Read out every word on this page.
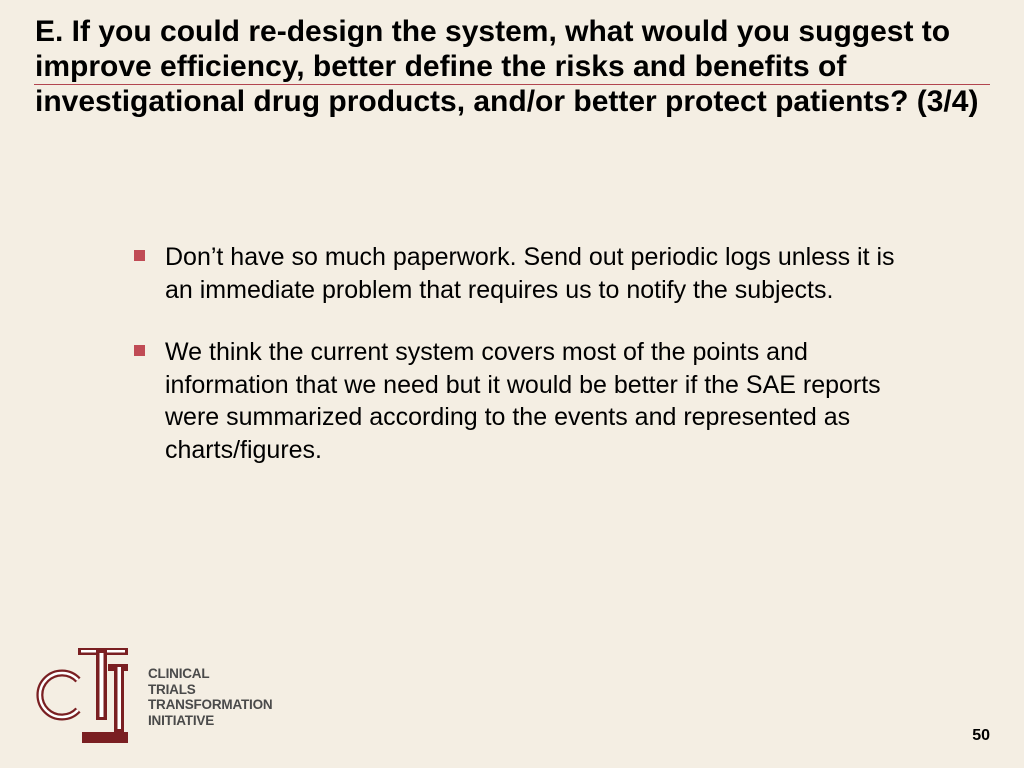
E. If you could re-design the system, what would you suggest to improve efficiency, better define the risks and benefits of investigational drug products, and/or better protect patients? (3/4)
Don’t have so much paperwork. Send out periodic logs unless it is an immediate problem that requires us to notify the subjects.
We think the current system covers most of the points and information that we need but it would be better if the SAE reports were summarized according to the events and represented as charts/figures.
CLINICAL
TRIALS
TRANSFORMATION
INITIATIVE
50
